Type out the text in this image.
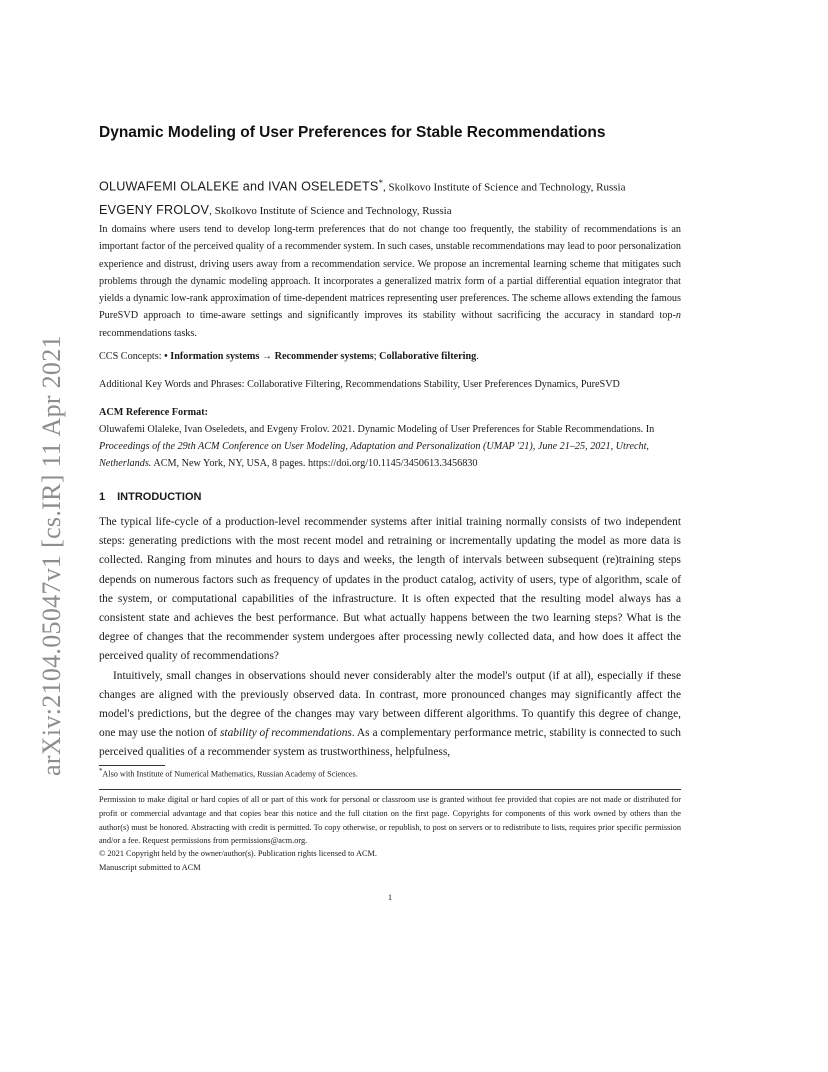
arXiv:2104.05047v1 [cs.IR] 11 Apr 2021
Dynamic Modeling of User Preferences for Stable Recommendations
OLUWAFEMI OLALEKE and IVAN OSELEDETS*, Skolkovo Institute of Science and Technology, Russia
EVGENY FROLOV, Skolkovo Institute of Science and Technology, Russia
In domains where users tend to develop long-term preferences that do not change too frequently, the stability of recommendations is an important factor of the perceived quality of a recommender system. In such cases, unstable recommendations may lead to poor personalization experience and distrust, driving users away from a recommendation service. We propose an incremental learning scheme that mitigates such problems through the dynamic modeling approach. It incorporates a generalized matrix form of a partial differential equation integrator that yields a dynamic low-rank approximation of time-dependent matrices representing user preferences. The scheme allows extending the famous PureSVD approach to time-aware settings and significantly improves its stability without sacrificing the accuracy in standard top-n recommendations tasks.
CCS Concepts: • Information systems → Recommender systems; Collaborative filtering.
Additional Key Words and Phrases: Collaborative Filtering, Recommendations Stability, User Preferences Dynamics, PureSVD
ACM Reference Format:
Oluwafemi Olaleke, Ivan Oseledets, and Evgeny Frolov. 2021. Dynamic Modeling of User Preferences for Stable Recommendations. In Proceedings of the 29th ACM Conference on User Modeling, Adaptation and Personalization (UMAP '21), June 21–25, 2021, Utrecht, Netherlands. ACM, New York, NY, USA, 8 pages. https://doi.org/10.1145/3450613.3456830
1 INTRODUCTION

The typical life-cycle of a production-level recommender systems after initial training normally consists of two independent steps: generating predictions with the most recent model and retraining or incrementally updating the model as more data is collected. Ranging from minutes and hours to days and weeks, the length of intervals between subsequent (re)training steps depends on numerous factors such as frequency of updates in the product catalog, activity of users, type of algorithm, scale of the system, or computational capabilities of the infrastructure. It is often expected that the resulting model always has a consistent state and achieves the best performance. But what actually happens between the two learning steps? What is the degree of changes that the recommender system undergoes after processing newly collected data, and how does it affect the perceived quality of recommendations?

Intuitively, small changes in observations should never considerably alter the model's output (if at all), especially if these changes are aligned with the previously observed data. In contrast, more pronounced changes may significantly affect the model's predictions, but the degree of the changes may vary between different algorithms. To quantify this degree of change, one may use the notion of stability of recommendations. As a complementary performance metric, stability is connected to such perceived qualities of a recommender system as trustworthiness, helpfulness,

*Also with Institute of Numerical Mathematics, Russian Academy of Sciences.
Permission to make digital or hard copies of all or part of this work for personal or classroom use is granted without fee provided that copies are not made or distributed for profit or commercial advantage and that copies bear this notice and the full citation on the first page. Copyrights for components of this work owned by others than the author(s) must be honored. Abstracting with credit is permitted. To copy otherwise, or republish, to post on servers or to redistribute to lists, requires prior specific permission and/or a fee. Request permissions from permissions@acm.org.
© 2021 Copyright held by the owner/author(s). Publication rights licensed to ACM.
Manuscript submitted to ACM
1
